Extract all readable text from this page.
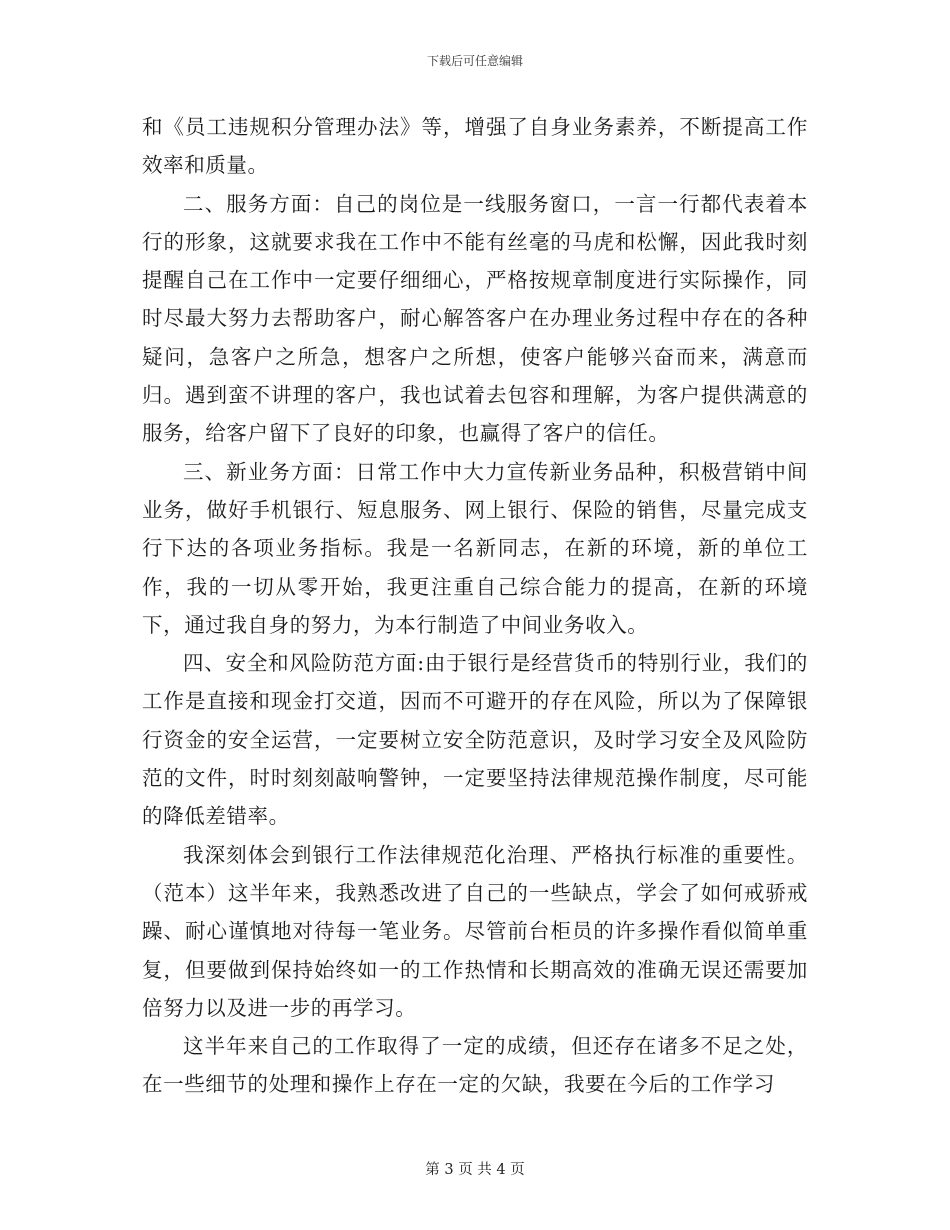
下载后可任意编辑

和《员工违规积分管理办法》等，增强了自身业务素养，不断提高工作效率和质量。

二、服务方面：自己的岗位是一线服务窗口，一言一行都代表着本行的形象，这就要求我在工作中不能有丝毫的马虎和松懈，因此我时刻提醒自己在工作中一定要仔细细心，严格按规章制度进行实际操作，同时尽最大努力去帮助客户，耐心解答客户在办理业务过程中存在的各种疑问，急客户之所急，想客户之所想，使客户能够兴奋而来，满意而归。遇到蛮不讲理的客户，我也试着去包容和理解，为客户提供满意的服务，给客户留下了良好的印象，也赢得了客户的信任。

三、新业务方面：日常工作中大力宣传新业务品种，积极营销中间业务，做好手机银行、短息服务、网上银行、保险的销售，尽量完成支行下达的各项业务指标。我是一名新同志，在新的环境，新的单位工作，我的一切从零开始，我更注重自己综合能力的提高，在新的环境下，通过我自身的努力，为本行制造了中间业务收入。

四、安全和风险防范方面:由于银行是经营货币的特别行业，我们的工作是直接和现金打交道，因而不可避开的存在风险，所以为了保障银行资金的安全运营，一定要树立安全防范意识，及时学习安全及风险防范的文件，时时刻刻敲响警钟，一定要坚持法律规范操作制度，尽可能的降低差错率。

我深刻体会到银行工作法律规范化治理、严格执行标准的重要性。（范本）这半年来，我熟悉改进了自己的一些缺点，学会了如何戒骄戒躁、耐心谨慎地对待每一笔业务。尽管前台柜员的许多操作看似简单重复，但要做到保持始终如一的工作热情和长期高效的准确无误还需要加倍努力以及进一步的再学习。

这半年来自己的工作取得了一定的成绩，但还存在诸多不足之处，在一些细节的处理和操作上存在一定的欠缺，我要在今后的工作学习

第 3 页 共 4 页
